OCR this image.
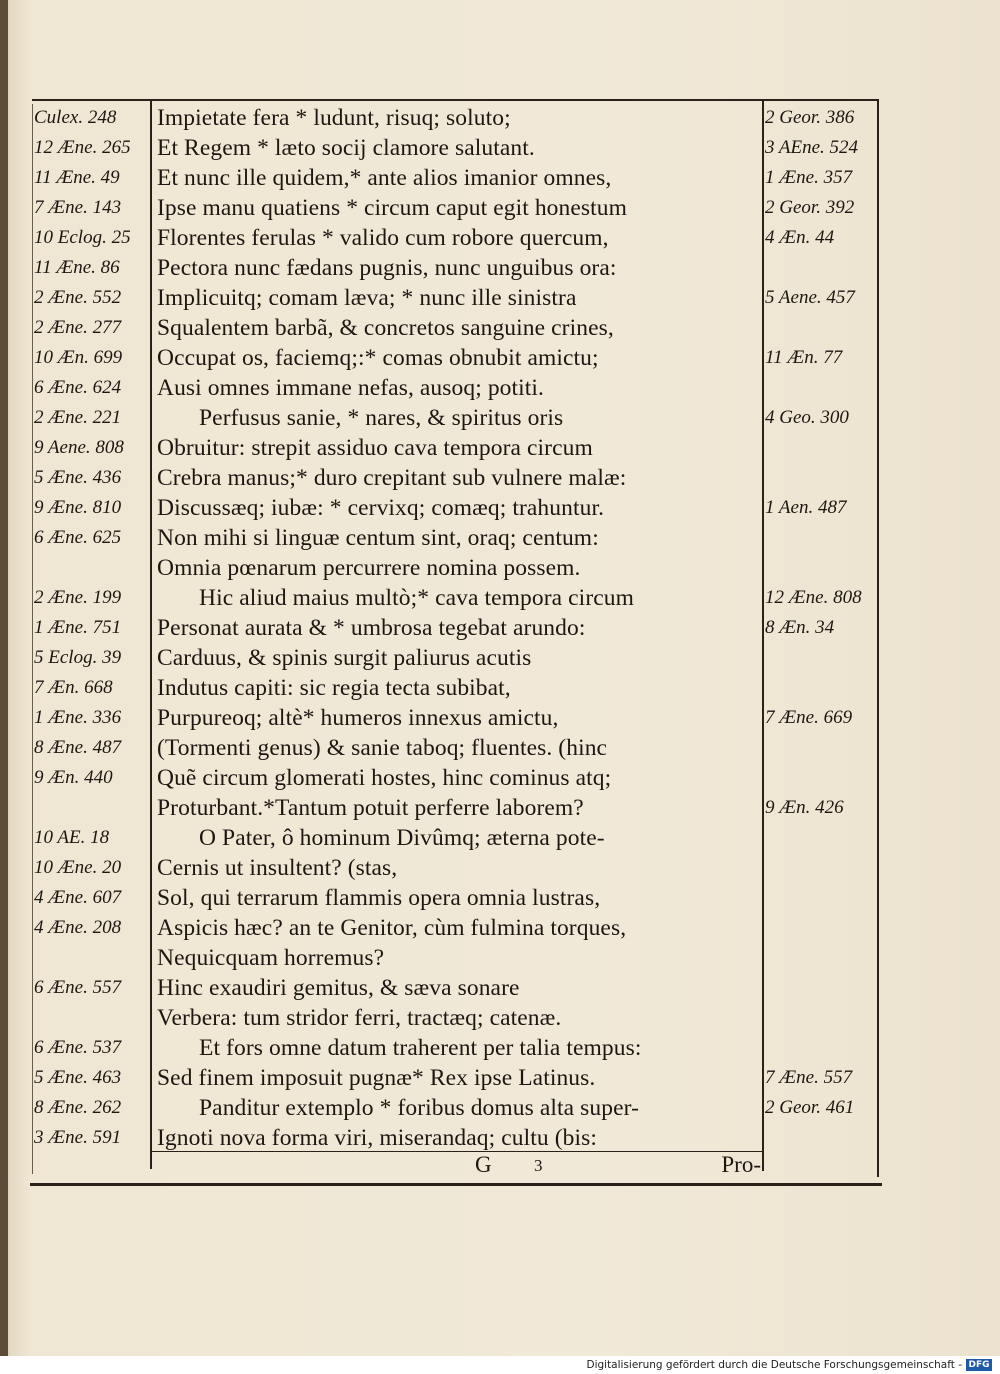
Culex. 248
12 Æne. 265
11 Æne. 49
7 Æne. 143
10 Eclog. 25
11 Æne. 86
2 Æne. 552
2 Æne. 277
10 Æn. 699
6 Æne. 624
2 Æne. 221
9 Aene. 808
5 Æne. 436
9 Æne. 810
6 Æne. 625
2 Æne. 199
1 Æne. 751
5 Eclog. 39
7 Æn. 668
1 Æne. 336
8 Æne. 487
9 Æn. 440
10 AE. 18
10 Æne. 20
4 Æne. 607
4 Æne. 208
6 Æne. 557
6 Æne. 537
5 Æne. 463
8 Æne. 262
3 Æne. 591
Impietate fera * ludunt, risuq; soluto;
Et Regem * læto socij clamore salutant.
Et nunc ille quidem,* ante alios imanior omnes,
Ipse manu quatiens * circum caput egit honestum
Florentes ferulas * valido cum robore quercum,
Pectora nunc fædans pugnis, nunc unguibus ora:
Implicuitq; comam læva; * nunc ille sinistra
Squalentem barbã, & concretos sanguine crines,
Occupat os, faciemq;:* comas obnubit amictu;
Ausi omnes immane nefas, ausoq; potiti.
Perfusus sanie, * nares, & spiritus oris
Obruitur: strepit assiduo cava tempora circum
Crebra manus;* duro crepitant sub vulnere malæ:
Discussæq; iubæ: * cervixq; comæq; trahuntur.
Non mihi si linguæ centum sint, oraq; centum:
Omnia pœnarum percurrere nomina possem.
Hic aliud maius multò;* cava tempora circum
Personat aurata & * umbrosa tegebat arundo:
Carduus, & spinis surgit paliurus acutis
Indutus capiti: sic regia tecta subibat,
Purpureoq; altè* humeros innexus amictu,
(Tormenti genus) & sanie taboq; fluentes. (hinc
Quẽ circum glomerati hostes, hinc cominus atq;
Proturbant.*Tantum potuit perferre laborem?
O Pater, ô hominum Divûmq; æterna pote-
Cernis ut insultent? (stas,
Sol, qui terrarum flammis opera omnia lustras,
Aspicis hæc? an te Genitor, cùm fulmina torques,
Nequicquam horremus?
Hinc exaudiri gemitus, & sæva sonare
Verbera: tum stridor ferri, tractæq; catenæ.
Et fors omne datum traherent per talia tempus:
Sed finem imposuit pugnæ* Rex ipse Latinus.
Panditur extemplo * foribus domus alta super-
Ignoti nova forma viri, miserandaq; cultu (bis:
2 Geor. 386
3 AEne. 524
1 Æne. 357
2 Geor. 392
4 Æn. 44
5 Aene. 457
11 Æn. 77
4 Geo. 300
1 Aen. 487
12 Æne. 808
8 Æn. 34
7 Æne. 669
9 Æn. 426
7 Æne. 557
2 Geor. 461
G 3	Pro-
Digitalisierung gefördert durch die Deutsche Forschungsgemeinschaft - DFG
